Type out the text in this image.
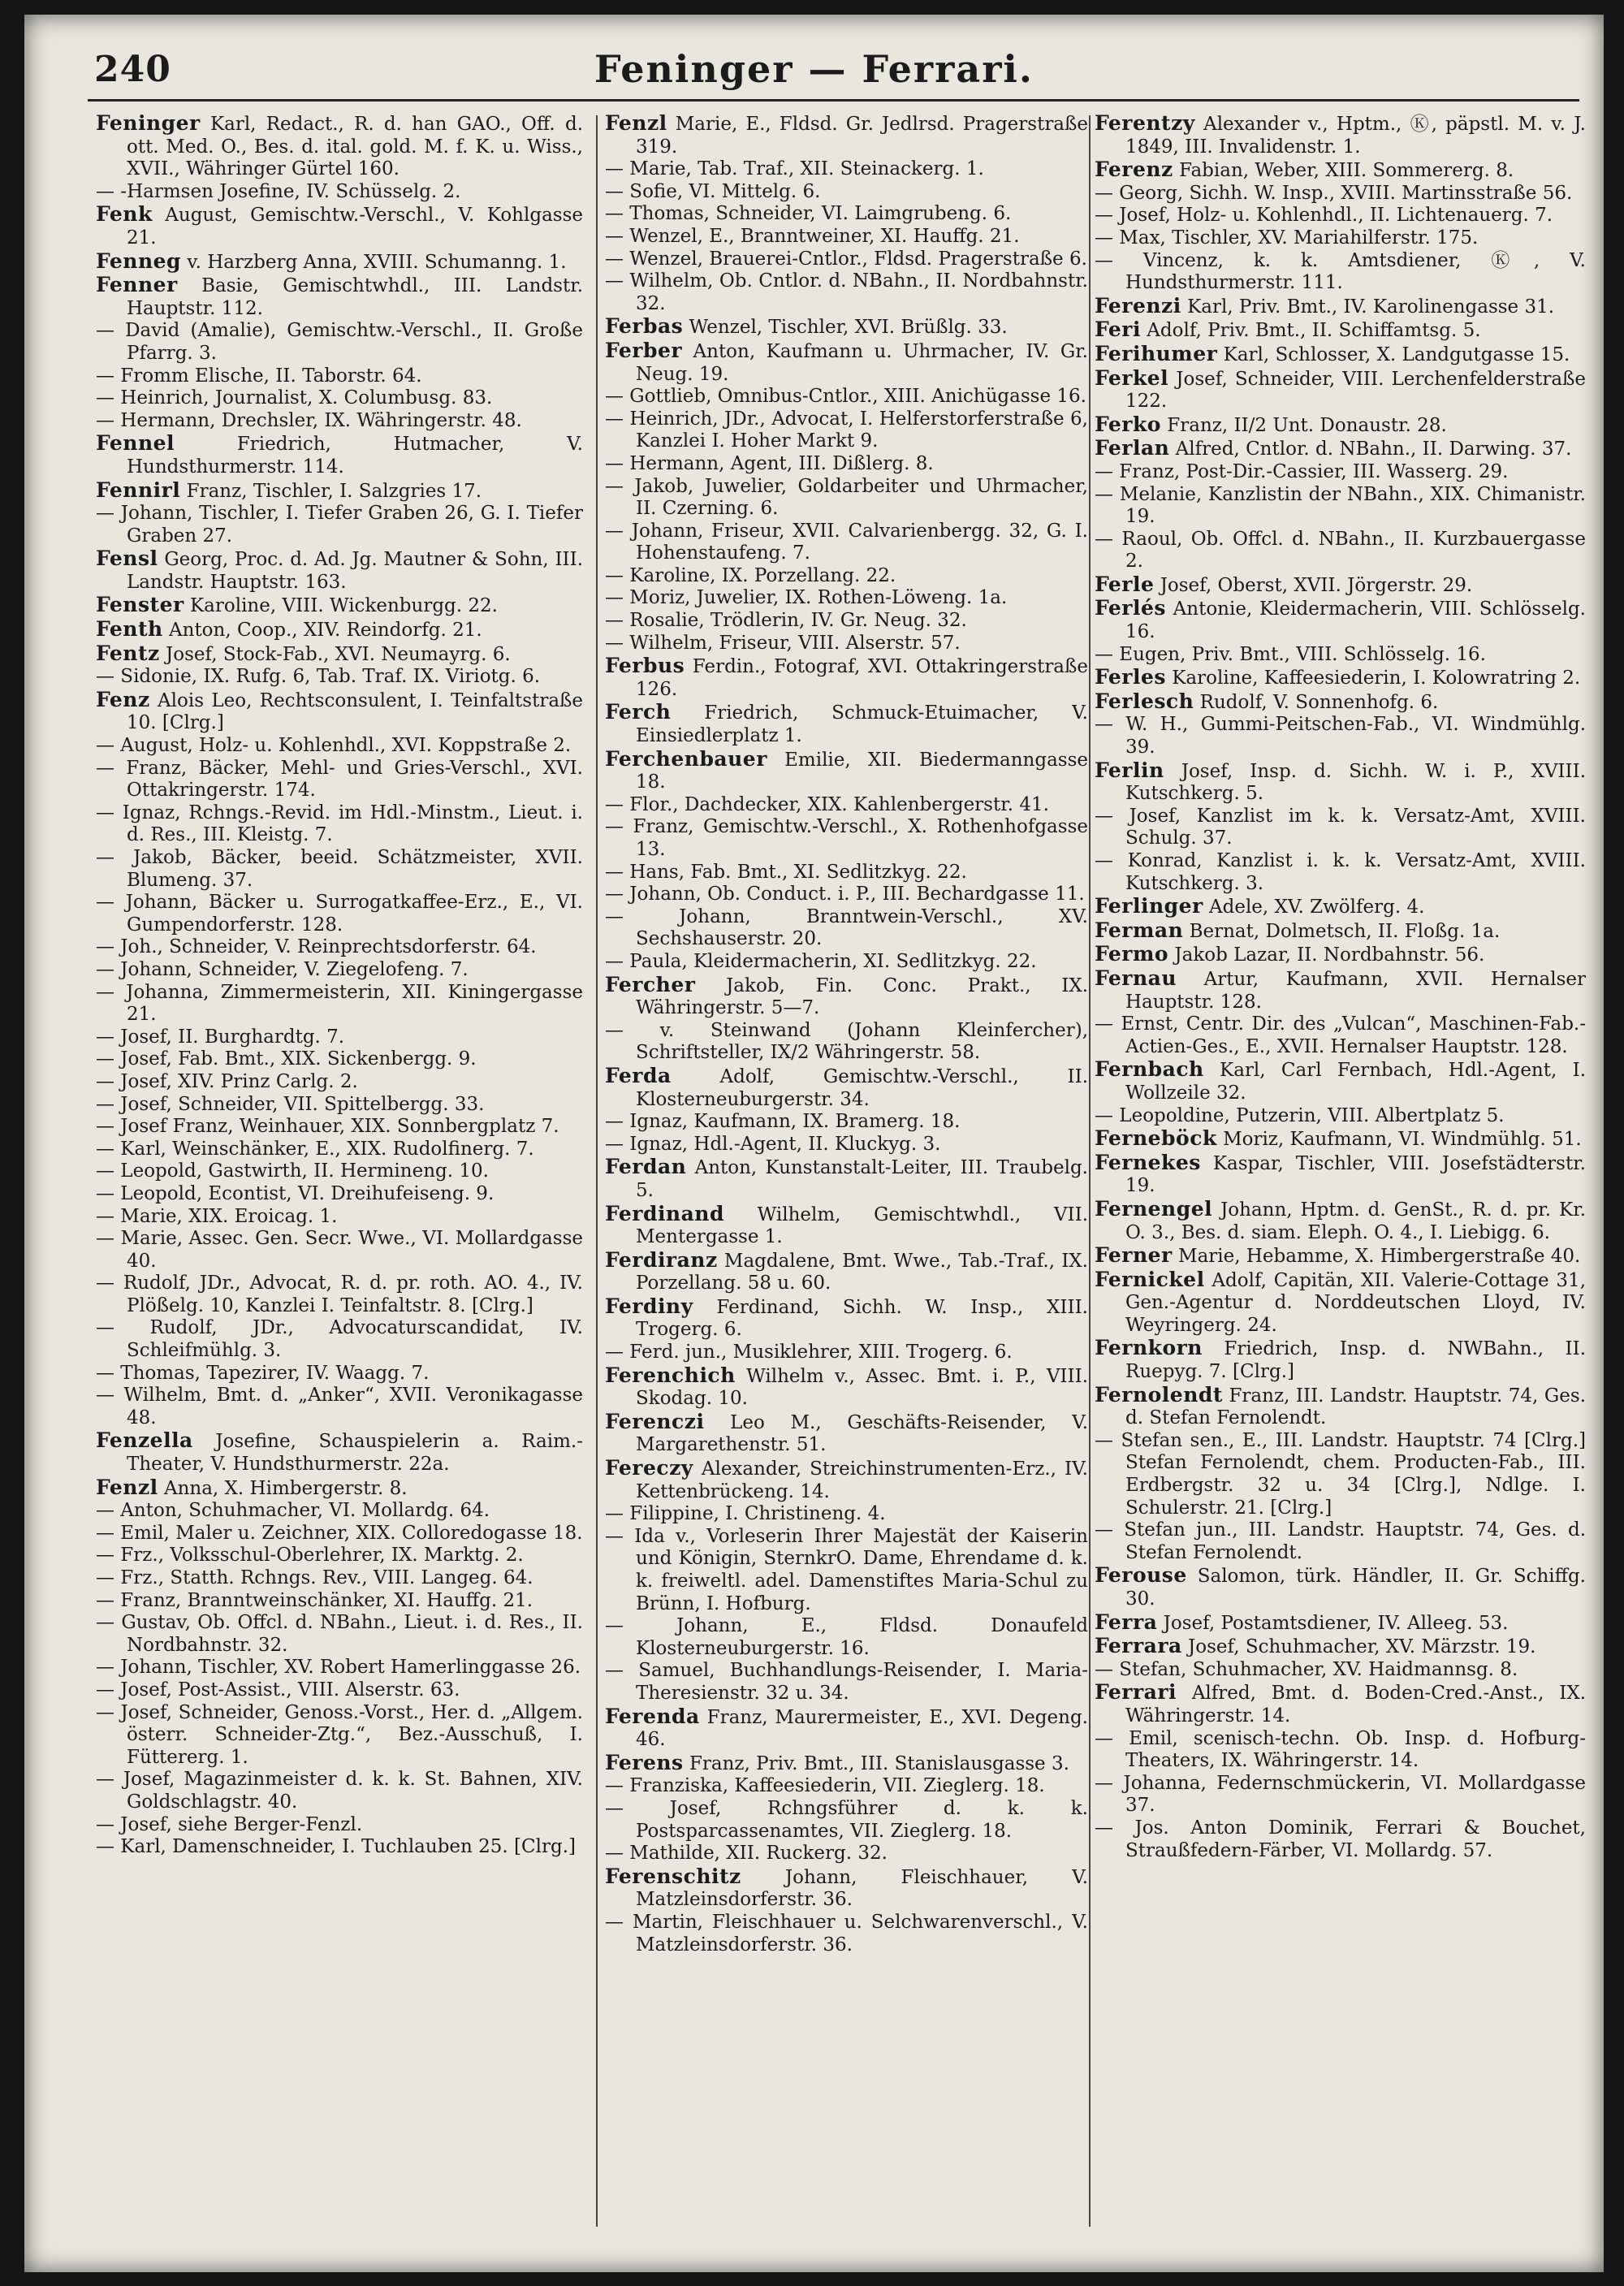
240	Feninger — Ferrari.

Feninger Karl, Redact., R. d. han GAO., Off. d. ott. Med. O., Bes. d. ital. gold. M. f. K. u. Wiss., XVII., Währinger Gürtel 160.

— -Harmsen Josefine, IV. Schüsselg. 2.

Fenk August, Gemischtw.-Verschl., V. Kohlgasse 21.

Fenneg v. Harzberg Anna, XVIII. Schumanng. 1.

Fenner Basie, Gemischtwhdl., III. Landstr. Hauptstr. 112.

— David (Amalie), Gemischtw.-Verschl., II. Große Pfarrg. 3.

— Fromm Elische, II. Taborstr. 64.

— Heinrich, Journalist, X. Columbusg. 83.

— Hermann, Drechsler, IX. Währingerstr. 48.

Fennel	Friedrich, Hutmacher, V. Hundsthurmerstr. 114.

Fennirl Franz, Tischler, I. Salzgries 17.

— Johann, Tischler, I. Tiefer Graben 26, G. I. Tiefer Graben 27.

Fensl Georg, Proc. d. Ad. Jg. Mautner & Sohn, III. Landstr. Hauptstr. 163.

Fenster Karoline, VIII. Wickenburgg. 22.

Fenth Anton, Coop., XIV. Reindorfg. 21.

Fentz Josef, Stock-Fab., XVI. Neumayrg. 6.

— Sidonie, IX. Rufg. 6, Tab. Traf. IX. Viriotg. 6.

Fenz Alois Leo, Rechtsconsulent, I. Teinfaltstraße 10. [Clrg.]

— August, Holz- u. Kohlenhdl., XVI. Koppstraße 2.

— Franz, Bäcker, Mehl- und Gries-Verschl., XVI. Ottakringerstr. 174.

— Ignaz, Rchngs.-Revid. im Hdl.-Minstm., Lieut. i. d. Res., III. Kleistg. 7.

— Jakob, Bäcker, beeid. Schätzmeister, XVII. Blumeng. 37.

— Johann, Bäcker u. Surrogatkaffee-Erz., E., VI. Gumpendorferstr. 128.

— Joh., Schneider, V. Reinprechtsdorferstr. 64.

— Johann, Schneider, V. Ziegelofeng. 7.

— Johanna, Zimmermeisterin, XII. Kiningergasse 21.

— Josef, II. Burghardtg. 7.

— Josef, Fab. Bmt., XIX. Sickenbergg. 9.

— Josef, XIV. Prinz Carlg. 2.

— Josef, Schneider, VII. Spittelbergg. 33.

— Josef Franz, Weinhauer, XIX. Sonnbergplatz 7.

— Karl, Weinschänker, E., XIX. Rudolfinerg. 7.

— Leopold, Gastwirth, II. Hermineng. 10.

— Leopold, Econtist, VI. Dreihufeiseng. 9.

— Marie, XIX. Eroicag. 1.

— Marie, Assec. Gen. Secr. Wwe., VI. Mollardgasse 40.

— Rudolf, JDr., Advocat, R. d. pr. roth. AO. 4., IV. Plößelg. 10, Kanzlei I. Teinfaltstr. 8. [Clrg.]

— Rudolf, JDr., Advocaturscandidat, IV. Schleifmühlg. 3.

— Thomas, Tapezirer, IV. Waagg. 7.

— Wilhelm, Bmt. d. „Anker“, XVII. Veronikagasse 48.

Fenzella Josefine, Schauspielerin a. Raim.-Theater, V. Hundsthurmerstr. 22a.

Fenzl Anna, X. Himbergerstr. 8.

— Anton, Schuhmacher, VI. Mollardg. 64.

— Emil, Maler u. Zeichner, XIX. Colloredogasse 18.

— Frz., Volksschul-Oberlehrer, IX. Marktg. 2.

— Frz., Statth. Rchngs. Rev., VIII. Langeg. 64.

— Franz, Branntweinschänker, XI. Hauffg. 21.

— Gustav, Ob. Offcl. d. NBahn., Lieut. i. d. Res., II. Nordbahnstr. 32.

— Johann, Tischler, XV. Robert Hamerlinggasse 26.

— Josef, Post-Assist., VIII. Alserstr. 63.

— Josef, Schneider, Genoss.-Vorst., Her. d. „Allgem. österr. Schneider-Ztg.“, Bez.-Ausschuß, I. Füttererg. 1.

— Josef, Magazinmeister d. k. k. St. Bahnen, XIV. Goldschlagstr. 40.

— Josef, siehe Berger-Fenzl.

— Karl, Damenschneider, I. Tuchlauben 25. [Clrg.]

Fenzl Marie, E., Fldsd. Gr. Jedlrsd. Pragerstraße 319.

— Marie, Tab. Traf., XII. Steinackerg. 1.

— Sofie, VI. Mittelg. 6.

— Thomas, Schneider, VI. Laimgrubeng. 6.

— Wenzel, E., Branntweiner, XI. Hauffg. 21.

— Wenzel, Brauerei-Cntlor., Fldsd. Pragerstraße 6.

— Wilhelm, Ob. Cntlor. d. NBahn., II. Nordbahnstr. 32.

Ferbas Wenzel, Tischler, XVI. Brüßlg. 33.

Ferber Anton, Kaufmann u. Uhrmacher, IV. Gr. Neug. 19.

— Gottlieb, Omnibus-Cntlor., XIII. Anichügasse 16.

— Heinrich, JDr., Advocat, I. Helferstorferstraße 6, Kanzlei I. Hoher Markt 9.

— Hermann, Agent, III. Dißlerg. 8.

— Jakob, Juwelier, Goldarbeiter und Uhrmacher, II. Czerning. 6.

— Johann, Friseur, XVII. Calvarienbergg. 32, G. I. Hohenstaufeng. 7.

— Karoline, IX. Porzellang. 22.

— Moriz, Juwelier, IX. Rothen-Löweng. 1a.

— Rosalie, Trödlerin, IV. Gr. Neug. 32.

— Wilhelm, Friseur, VIII. Alserstr. 57.

Ferbus Ferdin., Fotograf, XVI. Ottakringerstraße 126.

Ferch Friedrich, Schmuck-Etuimacher, V. Einsiedlerplatz 1.

Ferchenbauer Emilie, XII. Biedermanngasse 18.

— Flor., Dachdecker, XIX. Kahlenbergerstr. 41.

— Franz, Gemischtw.-Verschl., X. Rothenhofgasse 13.

— Hans, Fab. Bmt., XI. Sedlitzkyg. 22.

— Johann, Ob. Conduct. i. P., III. Bechardgasse 11.

— Johann, Branntwein-Verschl., XV. Sechshauserstr. 20.

— Paula, Kleidermacherin, XI. Sedlitzkyg. 22.

Fercher Jakob, Fin. Conc. Prakt., IX. Währingerstr. 5—7.

— v. Steinwand (Johann Kleinfercher), Schriftsteller, IX/2 Währingerstr. 58.

Ferda	Adolf, Gemischtw.-Verschl., II. Klosterneuburgerstr. 34.

— Ignaz, Kaufmann, IX. Bramerg. 18.

— Ignaz, Hdl.-Agent, II. Kluckyg. 3.

Ferdan Anton, Kunstanstalt-Leiter, III. Traubelg. 5.

Ferdinand Wilhelm, Gemischtwhdl., VII. Mentergasse 1.

Ferdiranz Magdalene, Bmt. Wwe., Tab.-Traf., IX. Porzellang. 58 u. 60.

Ferdiny Ferdinand, Sichh. W. Insp., XIII. Trogerg. 6.

— Ferd. jun., Musiklehrer, XIII. Trogerg. 6.

Ferenchich Wilhelm v., Assec. Bmt. i. P., VIII. Skodag. 10.

Ferenczi Leo M., Geschäfts-Reisender, V. Margarethenstr. 51.

Fereczy Alexander, Streichinstrumenten-Erz., IV. Kettenbrückeng. 14.

— Filippine, I. Christineng. 4.

— Ida v., Vorleserin Ihrer Majestät der Kaiserin und Königin, SternkrO. Dame, Ehrendame d. k. k. freiweltl. adel. Damenstiftes Maria-Schul zu Brünn, I. Hofburg.

— Johann, E., Fldsd. Donaufeld Klosterneuburgerstr. 16.

— Samuel, Buchhandlungs-Reisender, I. Maria-Theresienstr. 32 u. 34.

Ferenda Franz, Maurermeister, E., XVI. Degeng. 46.

Ferens Franz, Priv. Bmt., III. Stanislausgasse 3.

— Franziska, Kaffeesiederin, VII. Zieglerg. 18.

— Josef, Rchngsführer d. k. k. Postsparcassenamtes, VII. Zieglerg. 18.

— Mathilde, XII. Ruckerg. 32.

Ferenschitz Johann, Fleischhauer, V. Matzleinsdorferstr. 36.

— Martin, Fleischhauer u. Selchwarenverschl., V. Matzleinsdorferstr. 36.

Ferentzy Alexander v., Hptm., Ⓚ, päpstl. M. v. J. 1849, III. Invalidenstr. 1.

Ferenz Fabian, Weber, XIII. Sommererg. 8.

— Georg, Sichh. W. Insp., XVIII. Martinsstraße 56.

— Josef, Holz- u. Kohlenhdl., II. Lichtenauerg. 7.

— Max, Tischler, XV. Mariahilferstr. 175.

— Vincenz, k. k. Amtsdiener, Ⓚ, V. Hundsthurmerstr. 111.

Ferenzi Karl, Priv. Bmt., IV. Karolinengasse 31.

Feri Adolf, Priv. Bmt., II. Schiffamtsg. 5.

Ferihumer Karl, Schlosser, X. Landgutgasse 15.

Ferkel Josef, Schneider, VIII. Lerchenfelderstraße 122.

Ferko Franz, II/2 Unt. Donaustr. 28.

Ferlan Alfred, Cntlor. d. NBahn., II. Darwing. 37.

— Franz, Post-Dir.-Cassier, III. Wasserg. 29.

— Melanie, Kanzlistin der NBahn., XIX. Chimanistr. 19.

— Raoul, Ob. Offcl. d. NBahn., II. Kurzbauergasse 2.

Ferle Josef, Oberst, XVII. Jörgerstr. 29.

Ferlés Antonie, Kleidermacherin, VIII. Schlösselg. 16.

— Eugen, Priv. Bmt., VIII. Schlösselg. 16.

Ferles Karoline, Kaffeesiederin, I. Kolowratring 2.

Ferlesch Rudolf, V. Sonnenhofg. 6.

— W. H., Gummi-Peitschen-Fab., VI. Windmühlg. 39.

Ferlin Josef, Insp. d. Sichh. W. i. P., XVIII. Kutschkerg. 5.

— Josef, Kanzlist im k. k. Versatz-Amt, XVIII. Schulg. 37.

— Konrad, Kanzlist i. k. k. Versatz-Amt, XVIII. Kutschkerg. 3.

Ferlinger Adele, XV. Zwölferg. 4.

Ferman Bernat, Dolmetsch, II. Floßg. 1a.

Fermo Jakob Lazar, II. Nordbahnstr. 56.

Fernau Artur, Kaufmann, XVII. Hernalser Hauptstr. 128.

— Ernst, Centr. Dir. des „Vulcan“, Maschinen-Fab.-Actien-Ges., E., XVII. Hernalser Hauptstr. 128.

Fernbach Karl, Carl Fernbach, Hdl.-Agent, I. Wollzeile 32.

— Leopoldine, Putzerin, VIII. Albertplatz 5.

Ferneböck Moriz, Kaufmann, VI. Windmühlg. 51.

Fernekes Kaspar, Tischler, VIII. Josefstädterstr. 19.

Fernengel Johann, Hptm. d. GenSt., R. d. pr. Kr. O. 3., Bes. d. siam. Eleph. O. 4., I. Liebigg. 6.

Ferner Marie, Hebamme, X. Himbergerstraße 40.

Fernickel Adolf, Capitän, XII. Valerie-Cottage 31, Gen.-Agentur d. Norddeutschen Lloyd, IV. Weyringerg. 24.

Fernkorn Friedrich, Insp. d. NWBahn., II. Ruepyg. 7. [Clrg.]

Fernolendt Franz, III. Landstr. Hauptstr. 74, Ges. d. Stefan Fernolendt.

— Stefan sen., E., III. Landstr. Hauptstr. 74 [Clrg.] Stefan Fernolendt, chem. Producten-Fab., III. Erdbergstr. 32 u. 34 [Clrg.], Ndlge. I. Schulerstr. 21. [Clrg.]

— Stefan jun., III. Landstr. Hauptstr. 74, Ges. d. Stefan Fernolendt.

Ferouse Salomon, türk. Händler, II. Gr. Schiffg. 30.

Ferra Josef, Postamtsdiener, IV. Alleeg. 53.

Ferrara Josef, Schuhmacher, XV. Märzstr. 19.

— Stefan, Schuhmacher, XV. Haidmannsg. 8.

Ferrari Alfred, Bmt. d. Boden-Cred.-Anst., IX. Währingerstr. 14.

— Emil, scenisch-techn. Ob. Insp. d. Hofburg-Theaters, IX. Währingerstr. 14.

— Johanna, Federnschmückerin, VI. Mollardgasse 37.

— Jos. Anton Dominik, Ferrari & Bouchet, Straußfedern-Färber, VI. Mollardg. 57.
